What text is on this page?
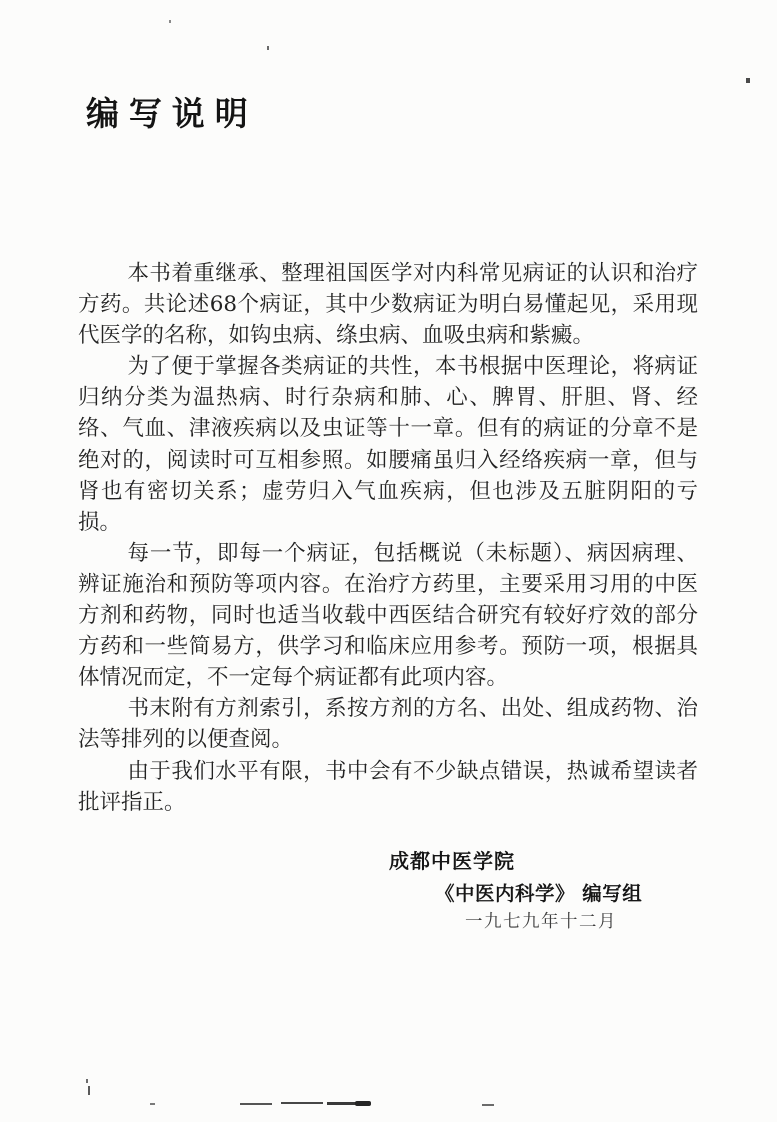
编写说明
本书着重继承、整理祖国医学对内科常见病证的认识和治疗
方药。共论述68个病证，其中少数病证为明白易懂起见，采用现
代医学的名称，如钩虫病、绦虫病、血吸虫病和紫癜。
为了便于掌握各类病证的共性，本书根据中医理论，将病证
归纳分类为温热病、时行杂病和肺、心、脾胃、肝胆、肾、经
络、气血、津液疾病以及虫证等十一章。但有的病证的分章不是
绝对的，阅读时可互相参照。如腰痛虽归入经络疾病一章，但与
肾也有密切关系；虚劳归入气血疾病，但也涉及五脏阴阳的亏
损。
每一节，即每一个病证，包括概说（未标题）、病因病理、
辨证施治和预防等项内容。在治疗方药里，主要采用习用的中医
方剂和药物，同时也适当收载中西医结合研究有较好疗效的部分
方药和一些简易方，供学习和临床应用参考。预防一项，根据具
体情况而定，不一定每个病证都有此项内容。
书末附有方剂索引，系按方剂的方名、出处、组成药物、治
法等排列的以便查阅。
由于我们水平有限，书中会有不少缺点错误，热诚希望读者
批评指正。
成都中医学院
《中医内科学》 编写组
一九七九年十二月
